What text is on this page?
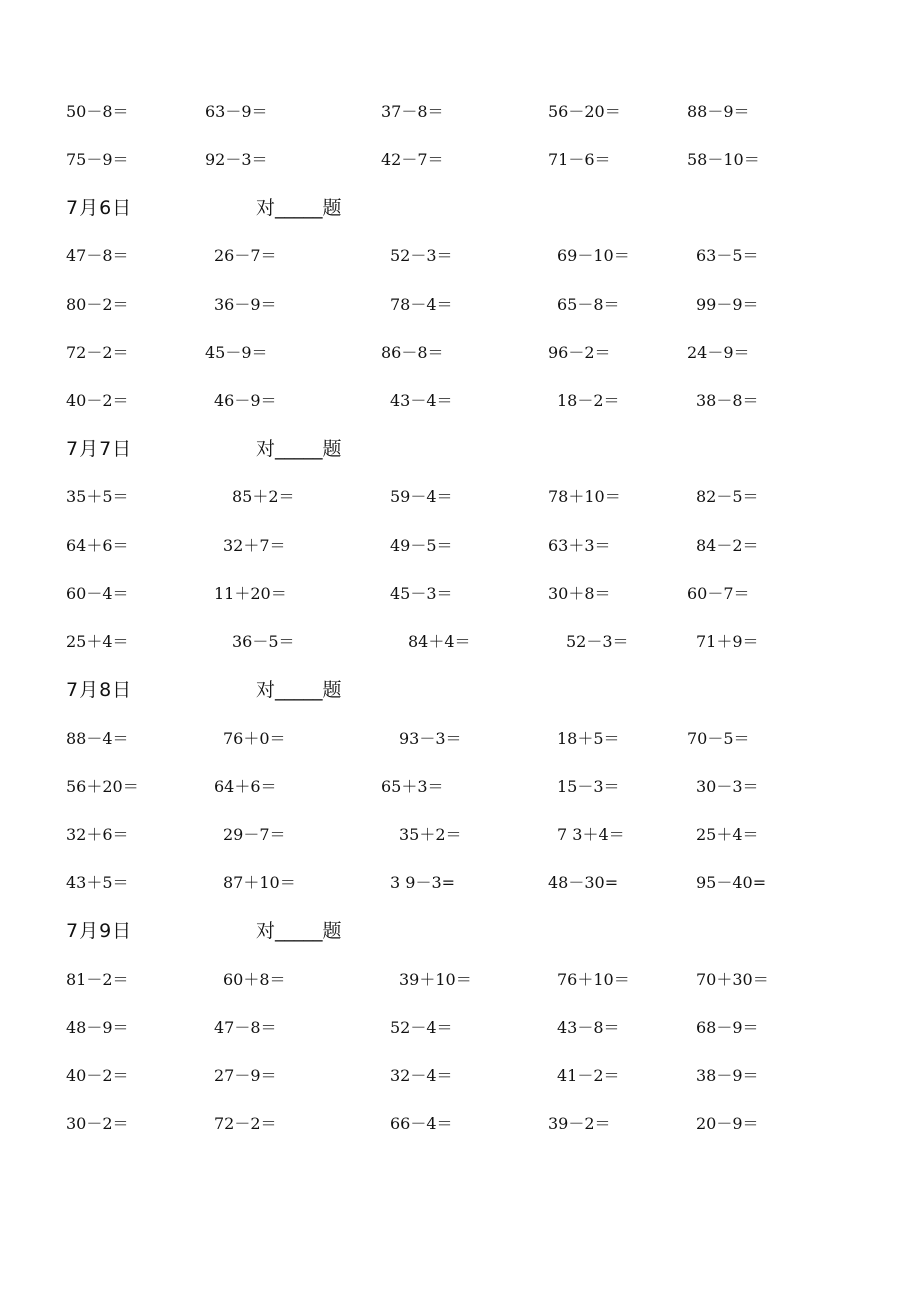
50－8＝	63－9＝	37－8＝	56－20＝	88－9＝
75－9＝	92－3＝	42－7＝	71－6＝	58－10＝
7月6日	对_____题
47－8＝	26－7＝	52－3＝	69－10＝	63－5＝
80－2＝	36－9＝	78－4＝	65－8＝	99－9＝
72－2＝	45－9＝	86－8＝	96－2＝	24－9＝
40－2＝	46－9＝	43－4＝	18－2＝	38－8＝
7月7日	对_____题
35＋5＝	85＋2＝	59－4＝	78＋10＝	82－5＝
64＋6＝	32＋7＝	49－5＝	63＋3＝	84－2＝
60－4＝	11＋20＝	45－3＝	30＋8＝	60－7＝
25＋4＝	36－5＝	84＋4＝	52－3＝	71＋9＝
7月8日	对_____题
88－4＝	76＋0＝	93－3＝	18＋5＝	70－5＝
56＋20＝	64＋6＝	65＋3＝	15－3＝	30－3＝
32＋6＝	29－7＝	35＋2＝	7 3＋4＝	25＋4＝
43＋5＝	87＋10＝	3 9－3=	48－30=	95－40=
7月9日	对_____题
81－2＝	60＋8＝	39＋10＝	76＋10＝	70＋30＝
48－9＝	47－8＝	52－4＝	43－8＝	68－9＝
40－2＝	27－9＝	32－4＝	41－2＝	38－9＝
30－2＝	72－2＝	66－4＝	39－2＝	20－9＝
